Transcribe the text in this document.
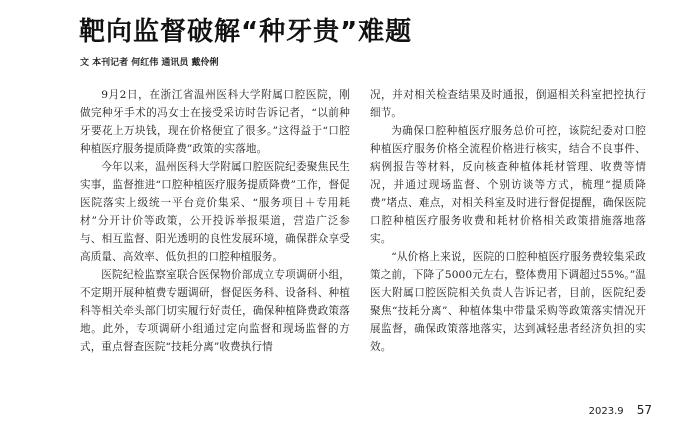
靶向监督破解“种牙贵”难题
文 本刊记者 何红伟 通讯员 戴伶俐

9月2日，在浙江省温州医科大学附属口腔医院，刚做完种牙手术的冯女士在接受采访时告诉记者，“以前种牙要花上万块钱，现在价格便宜了很多。”这得益于“口腔种植医疗服务提质降费”政策的实落地。

今年以来，温州医科大学附属口腔医院纪委聚焦民生实事，监督推进“口腔种植医疗服务提质降费”工作，督促医院落实上级统一平台竞价集采、“服务项目＋专用耗材”分开计价等政策，公开投诉举报渠道，营造广泛参与、相互监督、阳光透明的良性发展环境，确保群众享受高质量、高效率、低负担的口腔种植服务。

医院纪检监察室联合医保物价部成立专项调研小组，不定期开展种植费专题调研，督促医务科、设备科、种植科等相关牵头部门切实履行好责任，确保种植降费政策落地。此外，专项调研小组通过定向监督和现场监督的方式，重点督查医院“技耗分离”收费执行情

况，并对相关检查结果及时通报，倒逼相关科室把控执行细节。

为确保口腔种植医疗服务总价可控，该院纪委对口腔种植医疗服务价格全流程价格进行核实，结合不良事件、病例报告等材料，反向核查种植体耗材管理、收费等情况，并通过现场监督、个别访谈等方式，梳理“提质降费”堵点、难点，对相关科室及时进行督促提醒，确保医院口腔种植医疗服务收费和耗材价格相关政策措施落地落实。

“从价格上来说，医院的口腔种植医疗服务费较集采政策之前，下降了5000元左右，整体费用下调超过55%。”温医大附属口腔医院相关负责人告诉记者，目前，医院纪委聚焦“技耗分离”、种植体集中带量采购等政策落实情况开展监督，确保政策落地落实，达到减轻患者经济负担的实效。

2023.9 57
